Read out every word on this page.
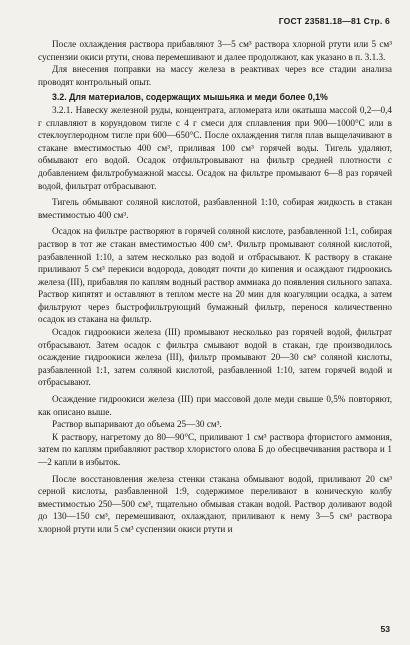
ГОСТ 23581.18—81 Стр. 6

После охлаждения раствора прибавляют 3—5 см³ раствора хлорной ртути или 5 см³ суспензии окиси ртути, снова перемешивают и далее продолжают, как указано в п. 3.1.3.

Для внесения поправки на массу железа в реактивах через все стадии анализа проводят контрольный опыт.

3.2. Для материалов, содержащих мышьяка и меди более 0,1%

3.2.1. Навеску железной руды, концентрата, агломерата или окатыша массой 0,2—0,4 г сплавляют в корундовом тигле с 4 г смеси для сплавления при 900—1000°С или в стеклоуглеродном тигле при 600—650°С. После охлаждения тигля плав выщелачивают в стакане вместимостью 400 см³, приливая 100 см³ горячей воды. Тигель удаляют, обмывают его водой. Осадок отфильтровывают на фильтр средней плотности с добавлением фильтробумажной массы. Осадок на фильтре промывают 6—8 раз горячей водой, фильтрат отбрасывают.

Тигель обмывают соляной кислотой, разбавленной 1:10, собирая жидкость в стакан вместимостью 400 см³.

Осадок на фильтре растворяют в горячей соляной кислоте, разбавленной 1:1, собирая раствор в тот же стакан вместимостью 400 см³. Фильтр промывают соляной кислотой, разбавленной 1:10, а затем несколько раз водой и отбрасывают. К раствору в стакане приливают 5 см³ перекиси водорода, доводят почти до кипения и осаждают гидроокись железа (III), прибавляя по каплям водный раствор аммиака до появления сильного запаха. Раствор кипятят и оставляют в теплом месте на 20 мин для коагуляции осадка, а затем фильтруют через быстрофильтрующий бумажный фильтр, перенося количественно осадок из стакана на фильтр.

Осадок гидроокиси железа (III) промывают несколько раз горячей водой, фильтрат отбрасывают. Затем осадок с фильтра смывают водой в стакан, где производилось осаждение гидроокиси железа (III), фильтр промывают 20—30 см³ соляной кислоты, разбавленной 1:1, затем соляной кислотой, разбавленной 1:10, затем горячей водой и отбрасывают.

Осаждение гидроокиси железа (III) при массовой доле меди свыше 0,5% повторяют, как описано выше.

Раствор выпаривают до объема 25—30 см³.

К раствору, нагретому до 80—90°С, приливают 1 см³ раствора фтористого аммония, затем по каплям прибавляют раствор хлористого олова Б до обесцвечивания раствора и 1—2 капли в избыток.

После восстановления железа стенки стакана обмывают водой, приливают 20 см³ серной кислоты, разбавленной 1:9, содержимое переливают в коническую колбу вместимостью 250—500 см³, тщательно обмывая стакан водой. Раствор доливают водой до 130—150 см³, перемешивают, охлаждают, приливают к нему 3—5 см³ раствора хлорной ртути или 5 см³ суспензии окиси ртути и

53
